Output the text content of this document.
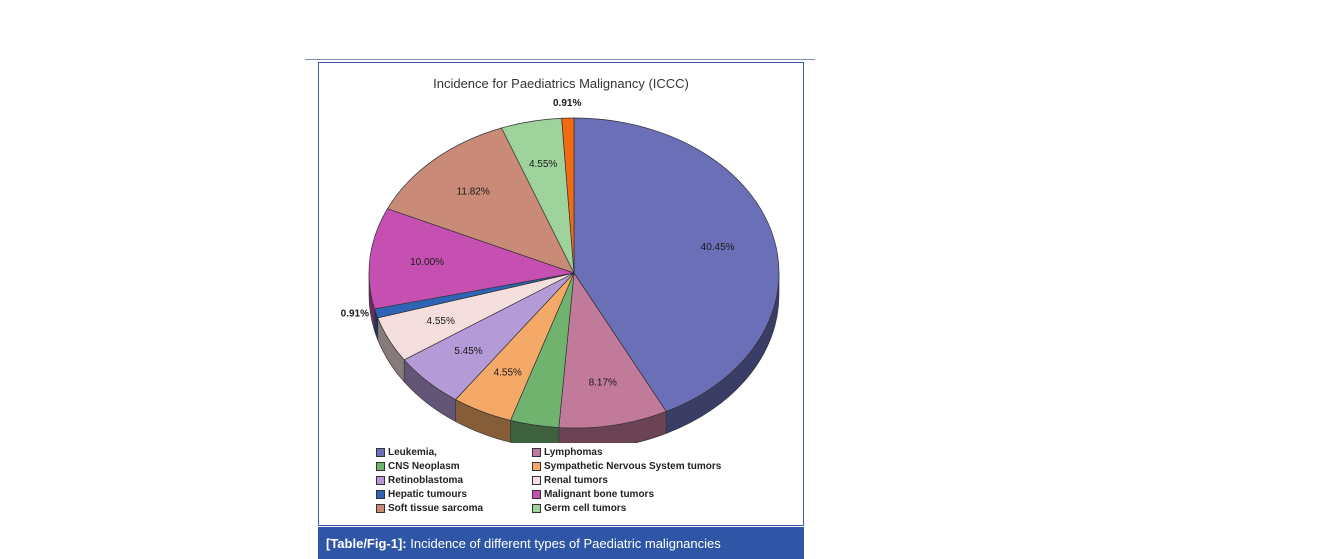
Incidence for Paediatrics Malignancy (ICCC)
40.45%
8.17%
4.55%
5.45%
4.55%
0.91%
10.00%
11.82%
4.55%
0.91%
Leukemia,	Lymphomas
CNS Neoplasm	Sympathetic Nervous System tumors
Retinoblastoma	Renal tumors
Hepatic tumours	Malignant bone tumors
Soft tissue sarcoma	Germ cell tumors
[Table/Fig-1]: Incidence of different types of Paediatric malignancies
